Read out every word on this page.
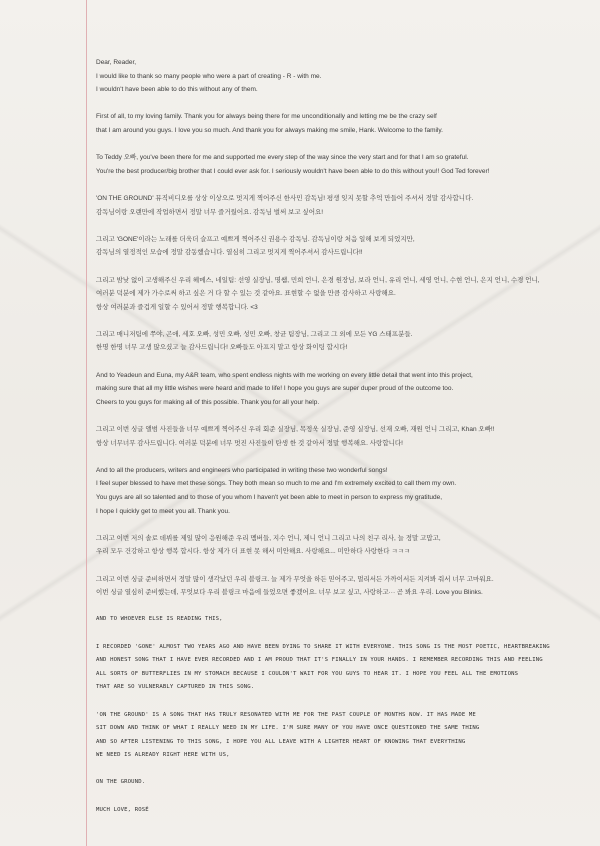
Dear, Reader,
I would like to thank so many people who were a part of creating - R - with me.
I wouldn't have been able to do this without any of them.
First of all, to my loving family. Thank you for always being there for me unconditionally and letting me be the crazy self
that I am around you guys. I love you so much. And thank you for always making me smile, Hank. Welcome to the family.
To Teddy 오빠, you've been there for me and supported me every step of the way since the very start and for that I am so grateful.
You're the best producer/big brother that I could ever ask for. I seriously wouldn't have been able to do this without you!! God Ted forever!
'ON THE GROUND' 뮤직비디오를 상상 이상으로 멋지게 찍어주신 한사민 감독님! 평생 잊지 못할 추억 만들어 주셔서 정말 감사합니다.
감독님이랑 오랜만에 작업하면서 정말 너무 즐거웠어요. 감독님 벌써 보고 싶어요!
그리고 'GONE'이라는 노래를 더욱더 슬프고 예쁘게 찍어주신 권용수 감독님. 감독님이랑 처음 일해 보게 되었지만,
감독님의 열정적인 모습에 정말 감동했습니다. 열심히 그리고 멋지게 찍어주셔서 감사드립니다!!
그리고 밤낮 없이 고생해주신 우리 헤메스, 네일팀: 선영 실장님, 명쌤, 민희 언니, 은경 원장님, 보라 언니, 유리 언니, 세영 언니, 수현 언니, 은지 언니, 수경 언니,
여러분 덕분에 제가 가수로써 하고 싶은 거 다 할 수 있는 것 같아요. 표현할 수 없을 만큼 감사하고 사랑해요.
항상 여러분과 즐겁게 일할 수 있어서 정말 행복합니다. <3
그리고 매니저팀에 쭈야, 곤애, 세호 오빠, 성민 오빠, 성민 오빠, 창균 팀장님, 그리고 그 외에 모든 YG 스태프분들.
한명 한명 너무 고생 많으셨고 늘 감사드립니다! 오빠들도 아프지 말고 항상 화이팅 합시다!
And to Yeadeun and Euna, my A&R team, who spent endless nights with me working on every little detail that went into this project,
making sure that all my little wishes were heard and made to life! I hope you guys are super duper proud of the outcome too.
Cheers to you guys for making all of this possible. Thank you for all your help.
그리고 이번 싱글 앨범 사진들을 너무 예쁘게 찍어주신 우리 회준 실장님, 목정욱 실장님, 준영 실장님, 선재 오빠, 재원 언니 그리고, Khan 오빠!!
항상 너무너무 감사드립니다. 여러분 덕분에 너무 멋진 사진들이 탄생 한 것 같아서 정말 행복해요. 사랑합니다!
And to all the producers, writers and engineers who participated in writing these two wonderful songs!
I feel super blessed to have met these songs. They both mean so much to me and I'm extremely excited to call them my own.
You guys are all so talented and to those of you whom I haven't yet been able to meet in person to express my gratitude,
I hope I quickly get to meet you all. Thank you.
그리고 이번 저의 솔로 데뷔를 제일 많이 응원해준 우리 멤버들, 지수 언니, 제니 언니 그리고 나의 친구 리사, 늘 정말 고맙고,
우리 모두 건강하고 항상 행복 합시다. 항상 제가 더 표현 못 해서 미안해요. 사랑해요... 미안하다 사랑한다 ㅋㅋㅋ
그리고 이번 싱글 준비하면서 정말 많이 생각났던 우리 블링크. 늘 제가 무엇을 하든 믿어주고, 멀리서든 가까이서든 지켜봐 줘서 너무 고마워요.
이번 싱글 열심히 준비했는데, 무엇보다 우리 블링크 마음에 들었으면 좋겠어요. 너무 보고 싶고, 사랑하고··· 곧 봐요 우리. Love you Blinks.
AND TO WHOEVER ELSE IS READING THIS,
I RECORDED 'GONE' ALMOST TWO YEARS AGO AND HAVE BEEN DYING TO SHARE IT WITH EVERYONE. THIS SONG IS THE MOST POETIC, HEARTBREAKING
AND HONEST SONG THAT I HAVE EVER RECORDED AND I AM PROUD THAT IT'S FINALLY IN YOUR HANDS. I REMEMBER RECORDING THIS AND FEELING
ALL SORTS OF BUTTERFLIES IN MY STOMACH BECAUSE I COULDN'T WAIT FOR YOU GUYS TO HEAR IT. I HOPE YOU FEEL ALL THE EMOTIONS
THAT ARE SO VULNERABLY CAPTURED IN THIS SONG.
'ON THE GROUND' IS A SONG THAT HAS TRULY RESONATED WITH ME FOR THE PAST COUPLE OF MONTHS NOW. IT HAS MADE ME
SIT DOWN AND THINK OF WHAT I REALLY NEED IN MY LIFE. I'M SURE MANY OF YOU HAVE ONCE QUESTIONED THE SAME THING
AND SO AFTER LISTENING TO THIS SONG, I HOPE YOU ALL LEAVE WITH A LIGHTER HEART OF KNOWING THAT EVERYTHING
WE NEED IS ALREADY RIGHT HERE WITH US,
ON THE GROUND.
MUCH LOVE, ROSÉ
